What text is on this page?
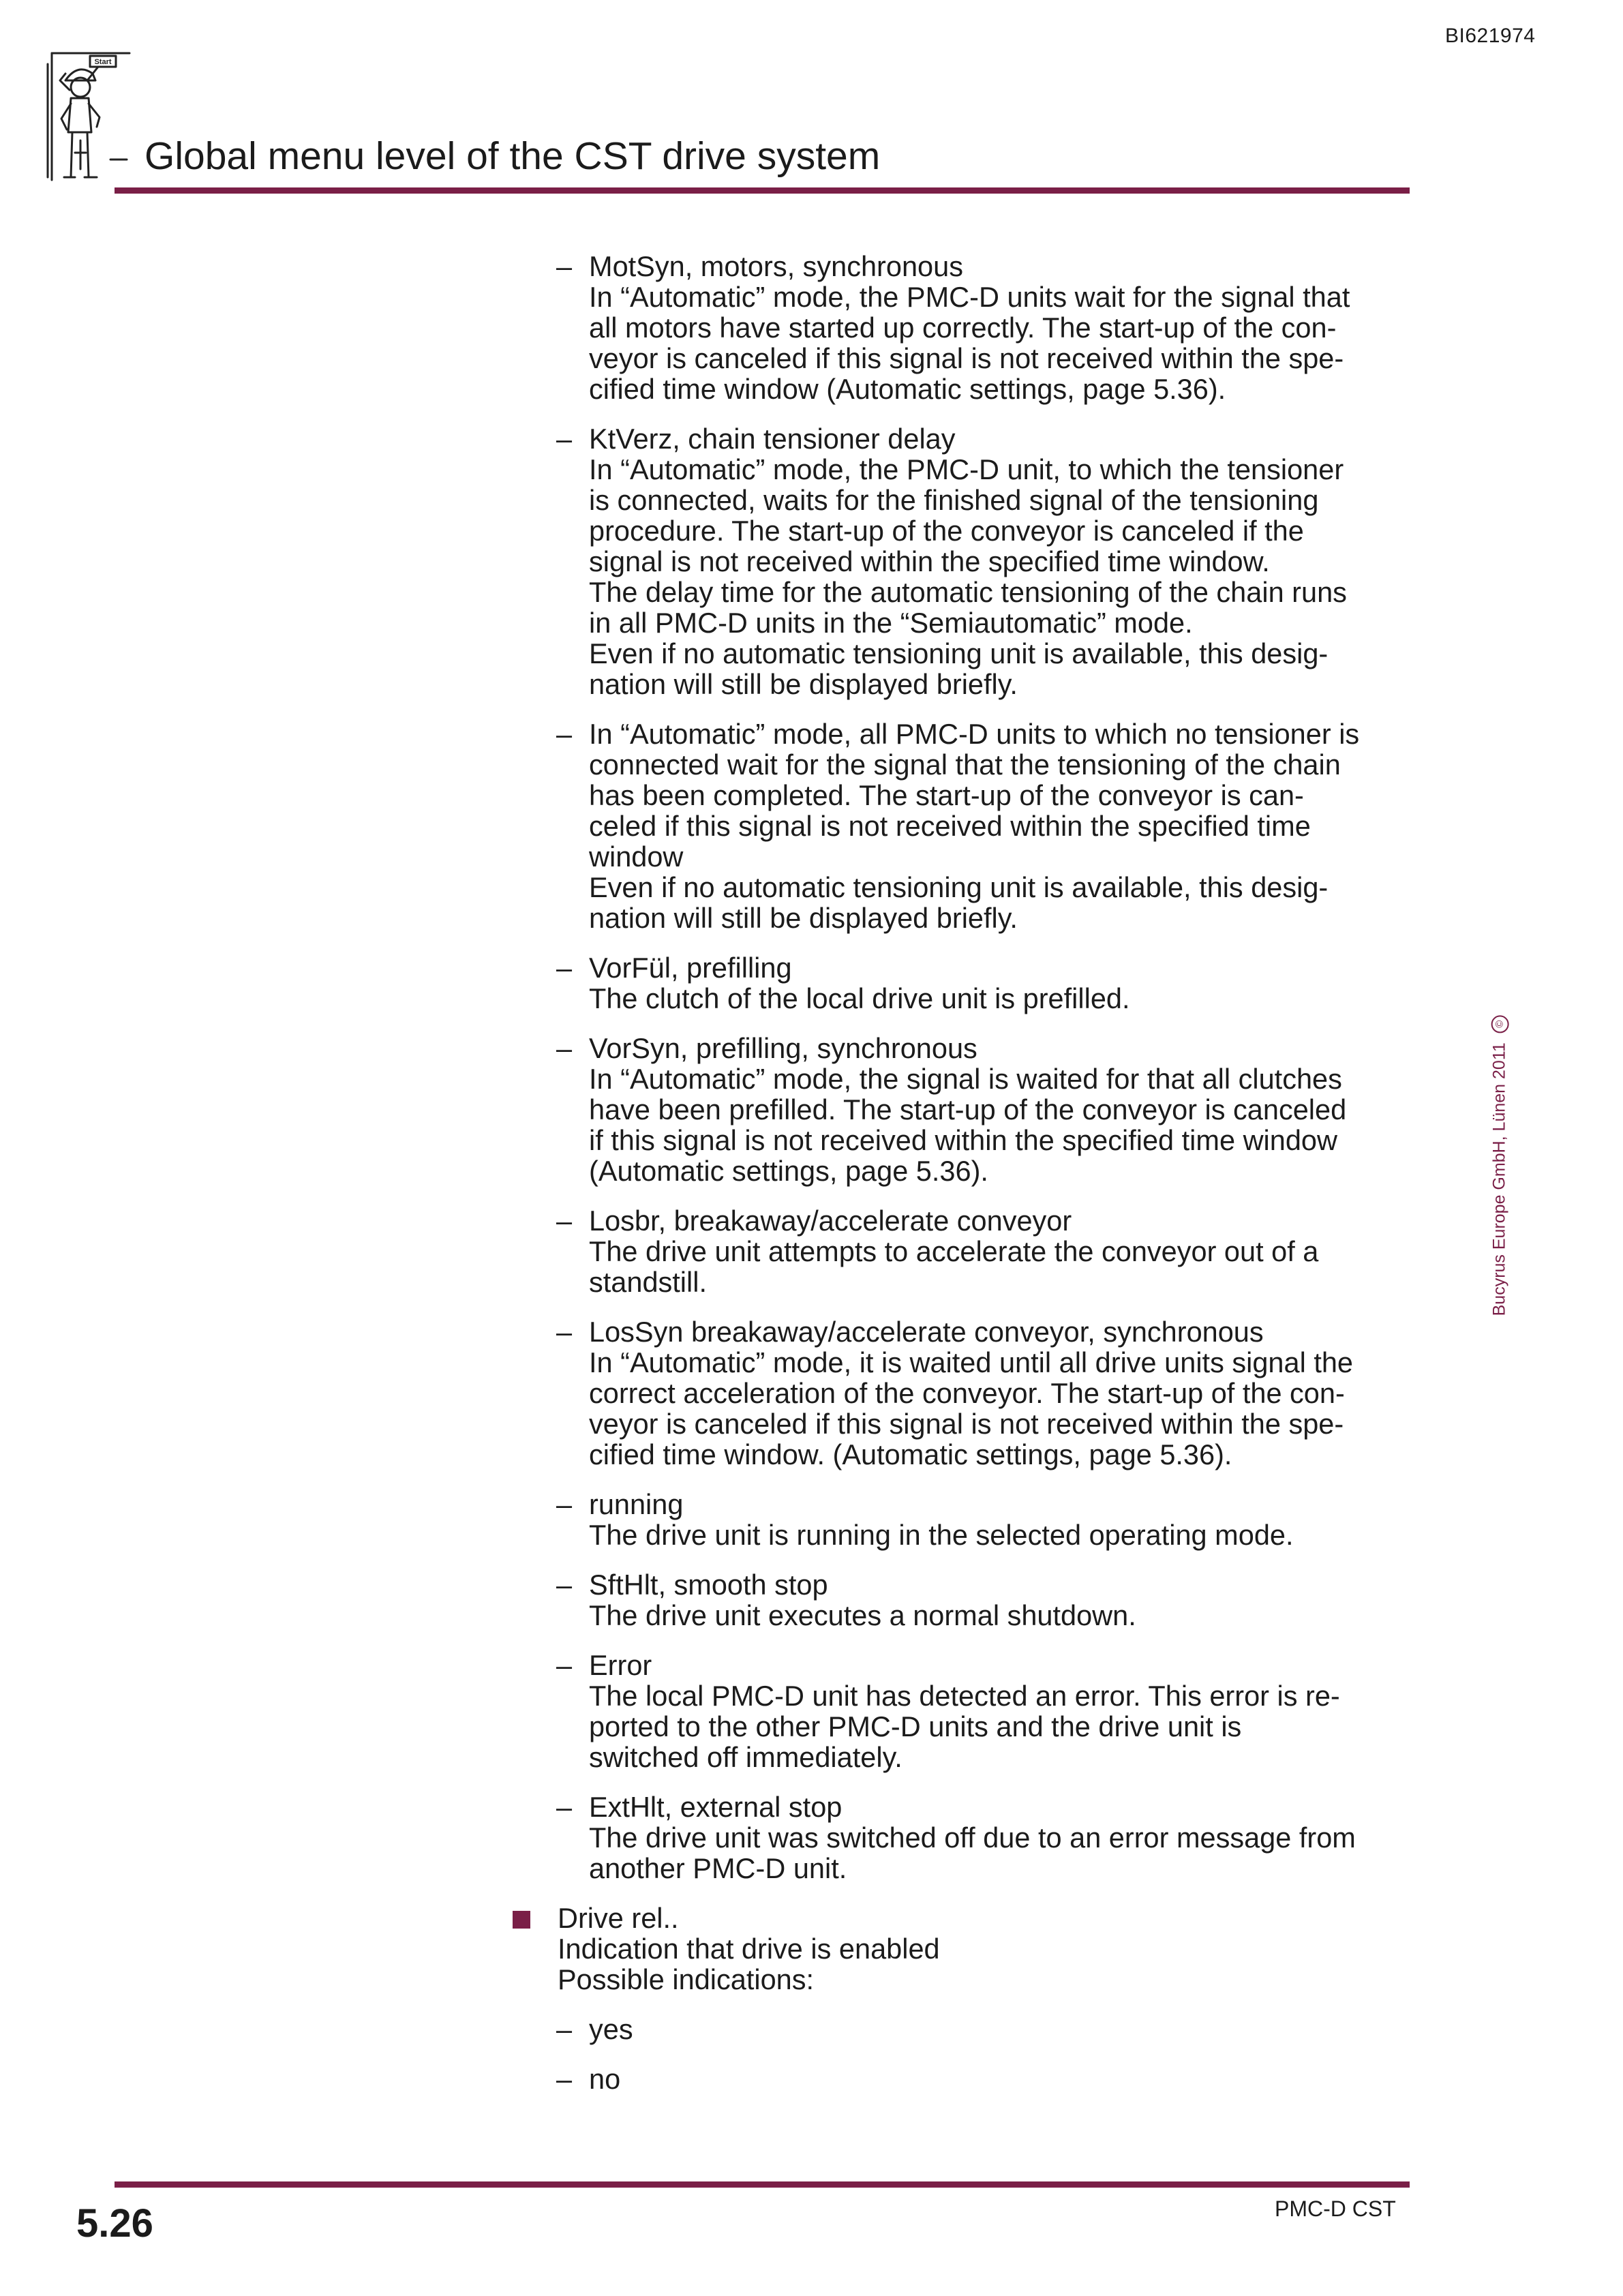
BI621974
Start
Global menu level of the CST drive system
Bucyrus Europe GmbH, Lünen 2011©
– MotSyn, motors, synchronous
In “Automatic” mode, the PMC-D units wait for the signal that
all motors have started up correctly. The start-up of the con-
veyor is canceled if this signal is not received within the spe-
cified time window (Automatic settings, page 5.36).
– KtVerz, chain tensioner delay
In “Automatic” mode, the PMC-D unit, to which the tensioner
is connected, waits for the finished signal of the tensioning
procedure. The start-up of the conveyor is canceled if the
signal is not received within the specified time window.
The delay time for the automatic tensioning of the chain runs
in all PMC-D units in the “Semiautomatic” mode.
Even if no automatic tensioning unit is available, this desig-
nation will still be displayed briefly.
– In “Automatic” mode, all PMC-D units to which no tensioner is
connected wait for the signal that the tensioning of the chain
has been completed. The start-up of the conveyor is can-
celed if this signal is not received within the specified time
window
Even if no automatic tensioning unit is available, this desig-
nation will still be displayed briefly.
– VorFül, prefilling
The clutch of the local drive unit is prefilled.
– VorSyn, prefilling, synchronous
In “Automatic” mode, the signal is waited for that all clutches
have been prefilled. The start-up of the conveyor is canceled
if this signal is not received within the specified time window
(Automatic settings, page 5.36).
– Losbr, breakaway/accelerate conveyor
The drive unit attempts to accelerate the conveyor out of a
standstill.
– LosSyn breakaway/accelerate conveyor, synchronous
In “Automatic” mode, it is waited until all drive units signal the
correct acceleration of the conveyor. The start-up of the con-
veyor is canceled if this signal is not received within the spe-
cified time window. (Automatic settings, page 5.36).
– running
The drive unit is running in the selected operating mode.
– SftHlt, smooth stop
The drive unit executes a normal shutdown.
– Error
The local PMC-D unit has detected an error. This error is re-
ported to the other PMC-D units and the drive unit is
switched off immediately.
– ExtHlt, external stop
The drive unit was switched off due to an error message from
another PMC-D unit.
Drive rel..
Indication that drive is enabled
Possible indications:
– yes
– no
5.26	PMC-D CST
